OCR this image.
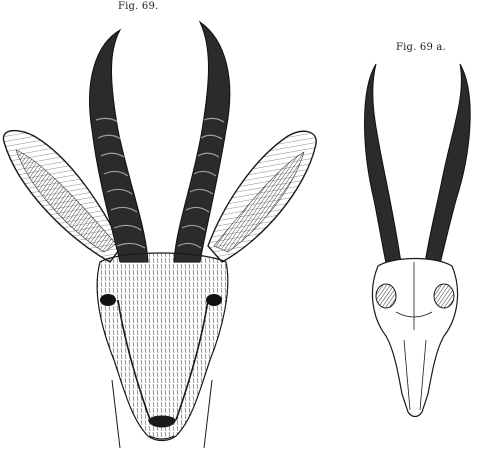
Fig. 69.
Fig. 69 a.
